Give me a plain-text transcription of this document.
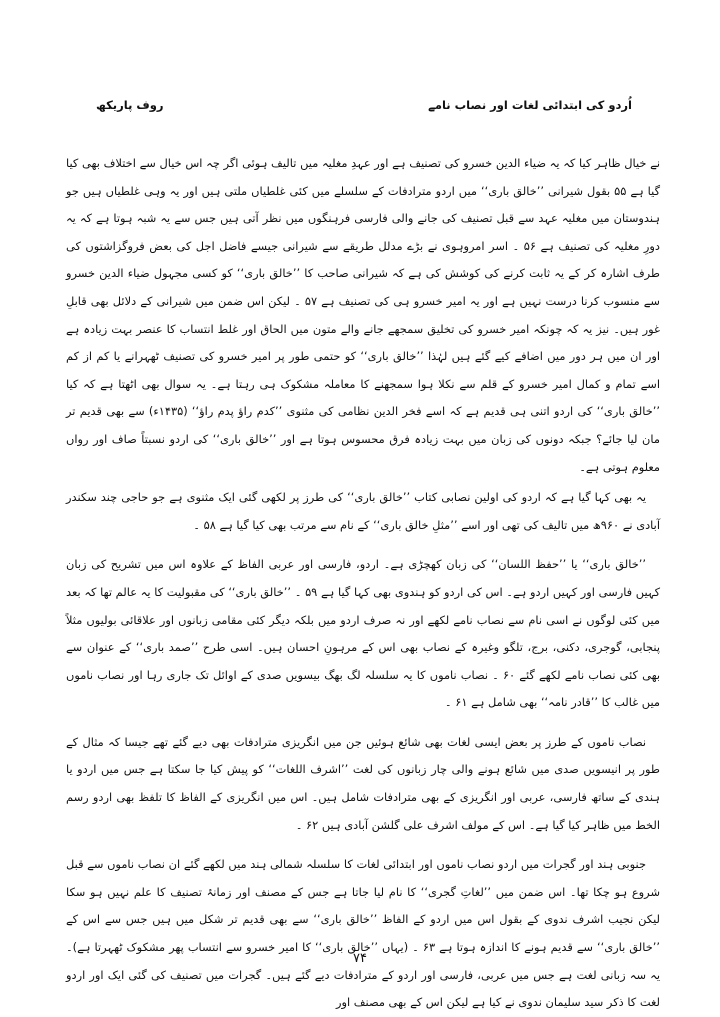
اُردو کی ابتدائی لغات اور نصاب نامے
روف پاریکھ

نے خیال ظاہر کیا کہ یہ ضیاء الدین خسرو کی تصنیف ہے اور عہدِ مغلیہ میں تالیف ہوئی اگر چہ اس خیال سے اختلاف بھی کیا گیا ہے ۵۵ بقول شیرانی ’’خالق باری‘‘ میں اردو مترادفات کے سلسلے میں کئی غلطیاں ملتی ہیں اور یہ وہی غلطیاں ہیں جو ہندوستان میں مغلیہ عہد سے قبل تصنیف کی جانے والی فارسی فرہنگوں میں نظر آتی ہیں جس سے یہ شبہ ہوتا ہے کہ یہ دورِ مغلیہ کی تصنیف ہے ۵۶ ۔ اسر امروہوی نے بڑے مدلل طریقے سے شیرانی جیسے فاضل اجل کی بعض فروگزاشتوں کی طرف اشارہ کر کے یہ ثابت کرنے کی کوشش کی ہے کہ شیرانی صاحب کا ’’خالق باری‘‘ کو کسی مجہول ضیاء الدین خسرو سے منسوب کرنا درست نہیں ہے اور یہ امیر خسرو ہی کی تصنیف ہے ۵۷ ۔ لیکن اس ضمن میں شیرانی کے دلائل بھی قابلِ غور ہیں۔ نیز یہ کہ چونکہ امیر خسرو کی تخلیق سمجھے جانے والے متون میں الحاق اور غلط انتساب کا عنصر بہت زیادہ ہے اور ان میں ہر دور میں اضافے کیے گئے ہیں لہٰذا ’’خالق باری‘‘ کو حتمی طور پر امیر خسرو کی تصنیف ٹھہرانے یا کم از کم اسے تمام و کمال امیر خسرو کے قلم سے نکلا ہوا سمجھنے کا معاملہ مشکوک ہی رہتا ہے۔ یہ سوال بھی اٹھتا ہے کہ کیا ’’خالق باری‘‘ کی اردو اتنی ہی قدیم ہے کہ اسے فخر الدین نظامی کی مثنوی ’’کدم راؤ پدم راؤ‘‘ (۱۴۳۵ء) سے بھی قدیم تر مان لیا جائے؟ جبکہ دونوں کی زبان میں بہت زیادہ فرق محسوس ہوتا ہے اور ’’خالق باری‘‘ کی اردو نسبتاً صاف اور رواں معلوم ہوتی ہے۔

یہ بھی کہا گیا ہے کہ اردو کی اولین نصابی کتاب ’’خالق باری‘‘ کی طرز پر لکھی گئی ایک مثنوی ہے جو حاجی چند سکندر آبادی نے ۹۶۰ھ میں تالیف کی تھی اور اسے ’’مثلِ خالق باری‘‘ کے نام سے مرتب بھی کیا گیا ہے ۵۸ ۔

’’خالق باری‘‘ یا ’’حفظ اللسان‘‘ کی زبان کھچڑی ہے۔ اردو، فارسی اور عربی الفاظ کے علاوہ اس میں تشریح کی زبان کہیں فارسی اور کہیں اردو ہے۔ اس کی اردو کو ہندوی بھی کہا گیا ہے ۵۹ ۔ ’’خالق باری‘‘ کی مقبولیت کا یہ عالم تھا کہ بعد میں کئی لوگوں نے اسی نام سے نصاب نامے لکھے اور نہ صرف اردو میں بلکہ دیگر کئی مقامی زبانوں اور علاقائی بولیوں مثلاً پنجابی، گوجری، دکنی، برج، تلگو وغیرہ کے نصاب بھی اس کے مرہونِ احسان ہیں۔ اسی طرح ’’صمد باری‘‘ کے عنوان سے بھی کئی نصاب نامے لکھے گئے ۶۰ ۔ نصاب ناموں کا یہ سلسلہ لگ بھگ بیسویں صدی کے اوائل تک جاری رہا اور نصاب ناموں میں غالب کا ’’قادر نامہ‘‘ بھی شامل ہے ۶۱ ۔

نصاب ناموں کے طرز پر بعض ایسی لغات بھی شائع ہوئیں جن میں انگریزی مترادفات بھی دیے گئے تھے جیسا کہ مثال کے طور پر انیسویں صدی میں شائع ہونے والی چار زبانوں کی لغت ’’اشرف اللغات‘‘ کو پیش کیا جا سکتا ہے جس میں اردو یا ہندی کے ساتھ فارسی، عربی اور انگریزی کے بھی مترادفات شامل ہیں۔ اس میں انگریزی کے الفاظ کا تلفظ بھی اردو رسم الخط میں ظاہر کیا گیا ہے۔ اس کے مولف اشرف علی گلشن آبادی ہیں ۶۲ ۔

جنوبی ہند اور گجرات میں اردو نصاب ناموں اور ابتدائی لغات کا سلسلہ شمالی ہند میں لکھے گئے ان نصاب ناموں سے قبل شروع ہو چکا تھا۔ اس ضمن میں ’’لغاتِ گجری‘‘ کا نام لیا جاتا ہے جس کے مصنف اور زمانۂ تصنیف کا علم نہیں ہو سکا لیکن نجیب اشرف ندوی کے بقول اس میں اردو کے الفاظ ’’خالق باری‘‘ سے بھی قدیم تر شکل میں ہیں جس سے اس کے ’’خالق باری‘‘ سے قدیم ہونے کا اندازہ ہوتا ہے ۶۳ ۔ (یہاں ’’خالق باری‘‘ کا امیر خسرو سے انتساب پھر مشکوک ٹھہرتا ہے)۔ یہ سہ زبانی لغت ہے جس میں عربی، فارسی اور اردو کے مترادفات دیے گئے ہیں۔ گجرات میں تصنیف کی گئی ایک اور اردو لغت کا ذکر سید سلیمان ندوی نے کیا ہے لیکن اس کے بھی مصنف اور

۷۴
